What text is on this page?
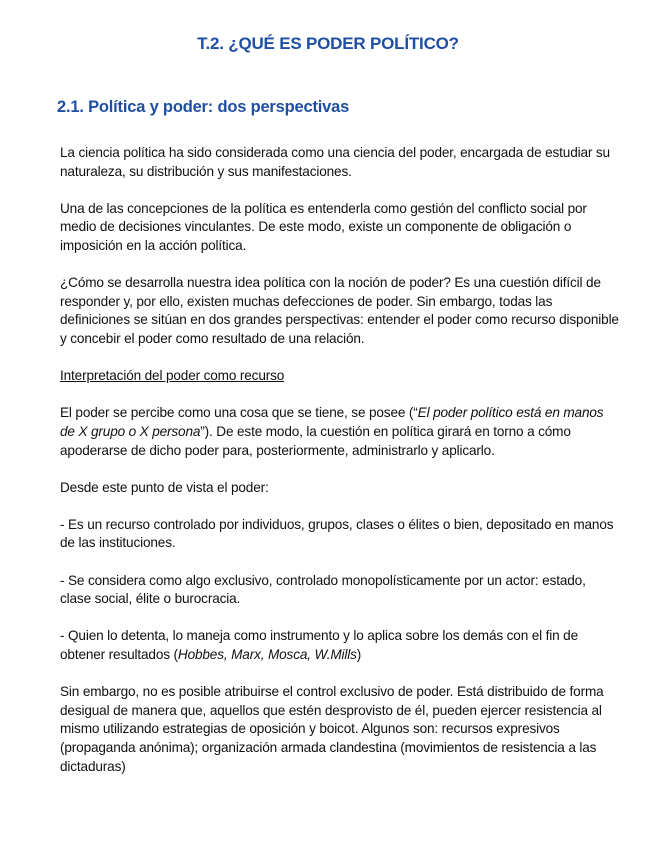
T.2. ¿QUÉ ES PODER POLÍTICO?
2.1. Política y poder: dos perspectivas

La ciencia política ha sido considerada como una ciencia del poder, encargada de estudiar su naturaleza, su distribución y sus manifestaciones.

Una de las concepciones de la política es entenderla como gestión del conflicto social por medio de decisiones vinculantes. De este modo, existe un componente de obligación o imposición en la acción política.

¿Cómo se desarrolla nuestra idea política con la noción de poder? Es una cuestión difícil de responder y, por ello, existen muchas defecciones de poder. Sin embargo, todas las definiciones se sitúan en dos grandes perspectivas: entender el poder como recurso disponible y concebir el poder como resultado de una relación.

Interpretación del poder como recurso

El poder se percibe como una cosa que se tiene, se posee (“El poder político está en manos de X grupo o X persona”). De este modo, la cuestión en política girará en torno a cómo apoderarse de dicho poder para, posteriormente, administrarlo y aplicarlo.

Desde este punto de vista el poder:

- Es un recurso controlado por individuos, grupos, clases o élites o bien, depositado en manos de las instituciones.

- Se considera como algo exclusivo, controlado monopolísticamente por un actor: estado, clase social, élite o burocracia.

- Quien lo detenta, lo maneja como instrumento y lo aplica sobre los demás con el fin de obtener resultados (Hobbes, Marx, Mosca, W.Mills)

Sin embargo, no es posible atribuirse el control exclusivo de poder. Está distribuido de forma desigual de manera que, aquellos que estén desprovisto de él, pueden ejercer resistencia al mismo utilizando estrategias de oposición y boicot. Algunos son: recursos expresivos (propaganda anónima); organización armada clandestina (movimientos de resistencia a las dictaduras)
